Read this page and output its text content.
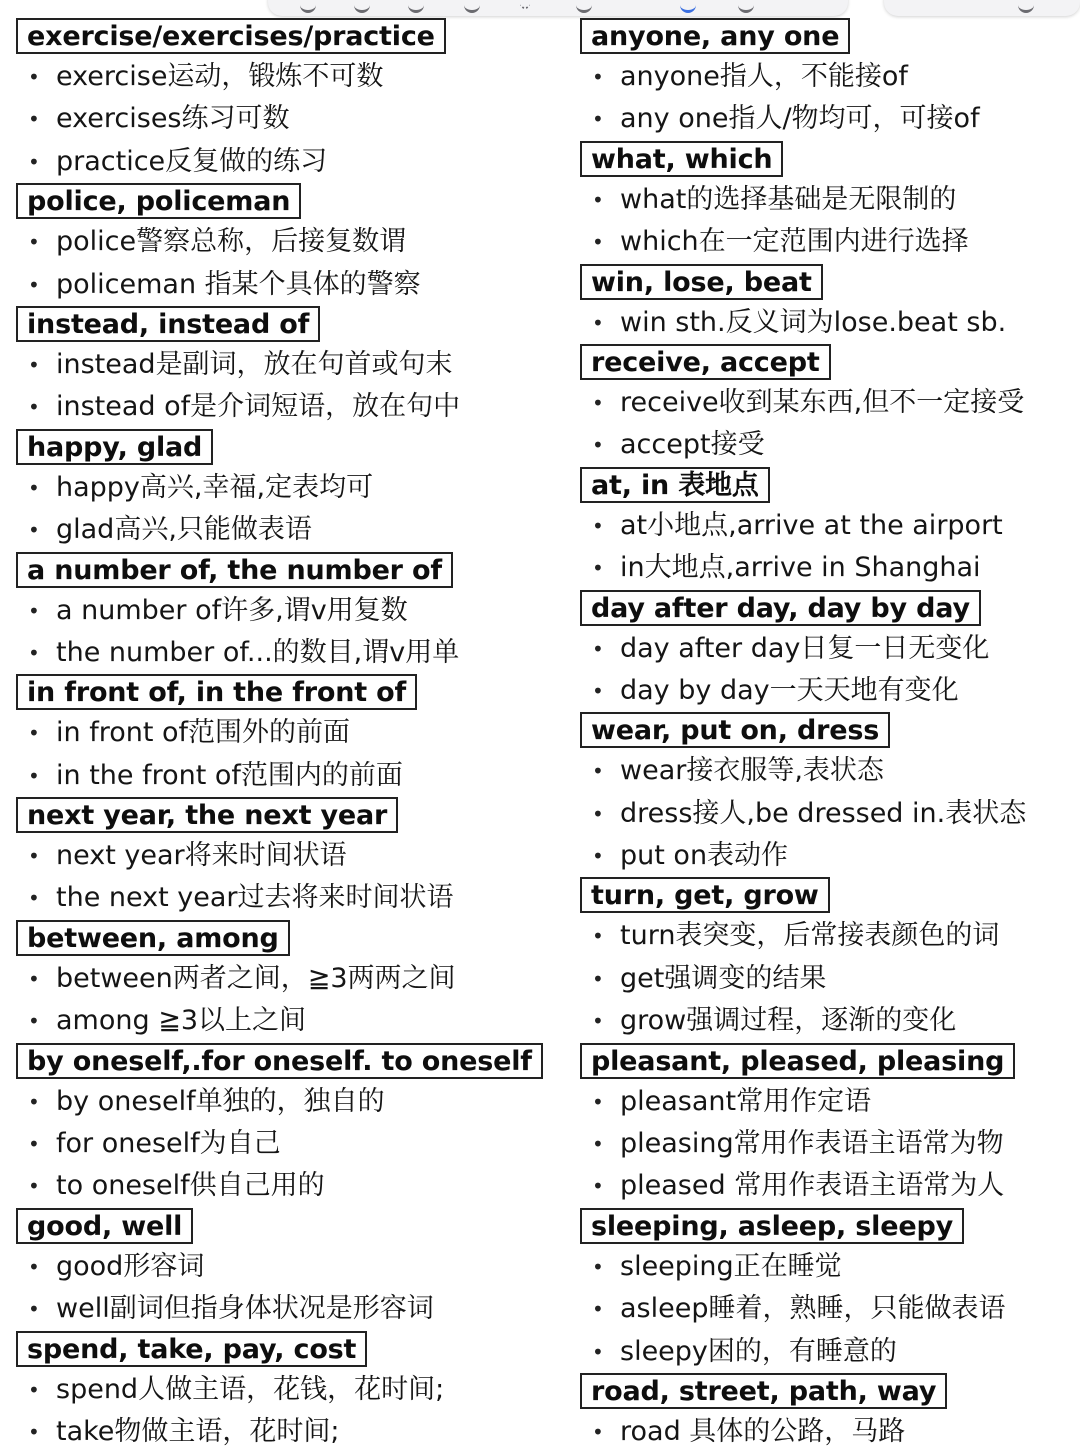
exercise/exercises/practice
• exercise运动，锻炼不可数
• exercises练习可数
• practice反复做的练习
police, policeman
• police警察总称，后接复数谓
• policeman 指某个具体的警察
instead, instead of
• instead是副词，放在句首或句末
• instead of是介词短语，放在句中
happy, glad
• happy高兴,幸福,定表均可
• glad高兴,只能做表语
a number of, the number of
• a number of许多,谓v用复数
• the number of...的数目,谓v用单
in front of, in the front of
• in front of范围外的前面
• in the front of范围内的前面
next year, the next year
• next year将来时间状语
• the next year过去将来时间状语
between, among
• between两者之间，≧3两两之间
• among ≧3以上之间
by oneself,.for oneself. to oneself
• by oneself单独的，独自的
• for oneself为自己
• to oneself供自己用的
good, well
• good形容词
• well副词但指身体状况是形容词
spend, take, pay, cost
• spend人做主语，花钱，花时间;
• take物做主语，花时间;
anyone, any one
• anyone指人，不能接of
• any one指人/物均可，可接of
what, which
• what的选择基础是无限制的
• which在一定范围内进行选择
win, lose, beat
• win sth.反义词为lose.beat sb.
receive, accept
• receive收到某东西,但不一定接受
• accept接受
at, in 表地点
• at小地点,arrive at the airport
• in大地点,arrive in Shanghai
day after day, day by day
• day after day日复一日无变化
• day by day一天天地有变化
wear, put on, dress
• wear接衣服等,表状态
• dress接人,be dressed in.表状态
• put on表动作
turn, get, grow
• turn表突变，后常接表颜色的词
• get强调变的结果
• grow强调过程，逐渐的变化
pleasant, pleased, pleasing
• pleasant常用作定语
• pleasing常用作表语主语常为物
• pleased 常用作表语主语常为人
sleeping, asleep, sleepy
• sleeping正在睡觉
• asleep睡着，熟睡，只能做表语
• sleepy困的，有睡意的
road, street, path, way
• road 具体的公路，马路
